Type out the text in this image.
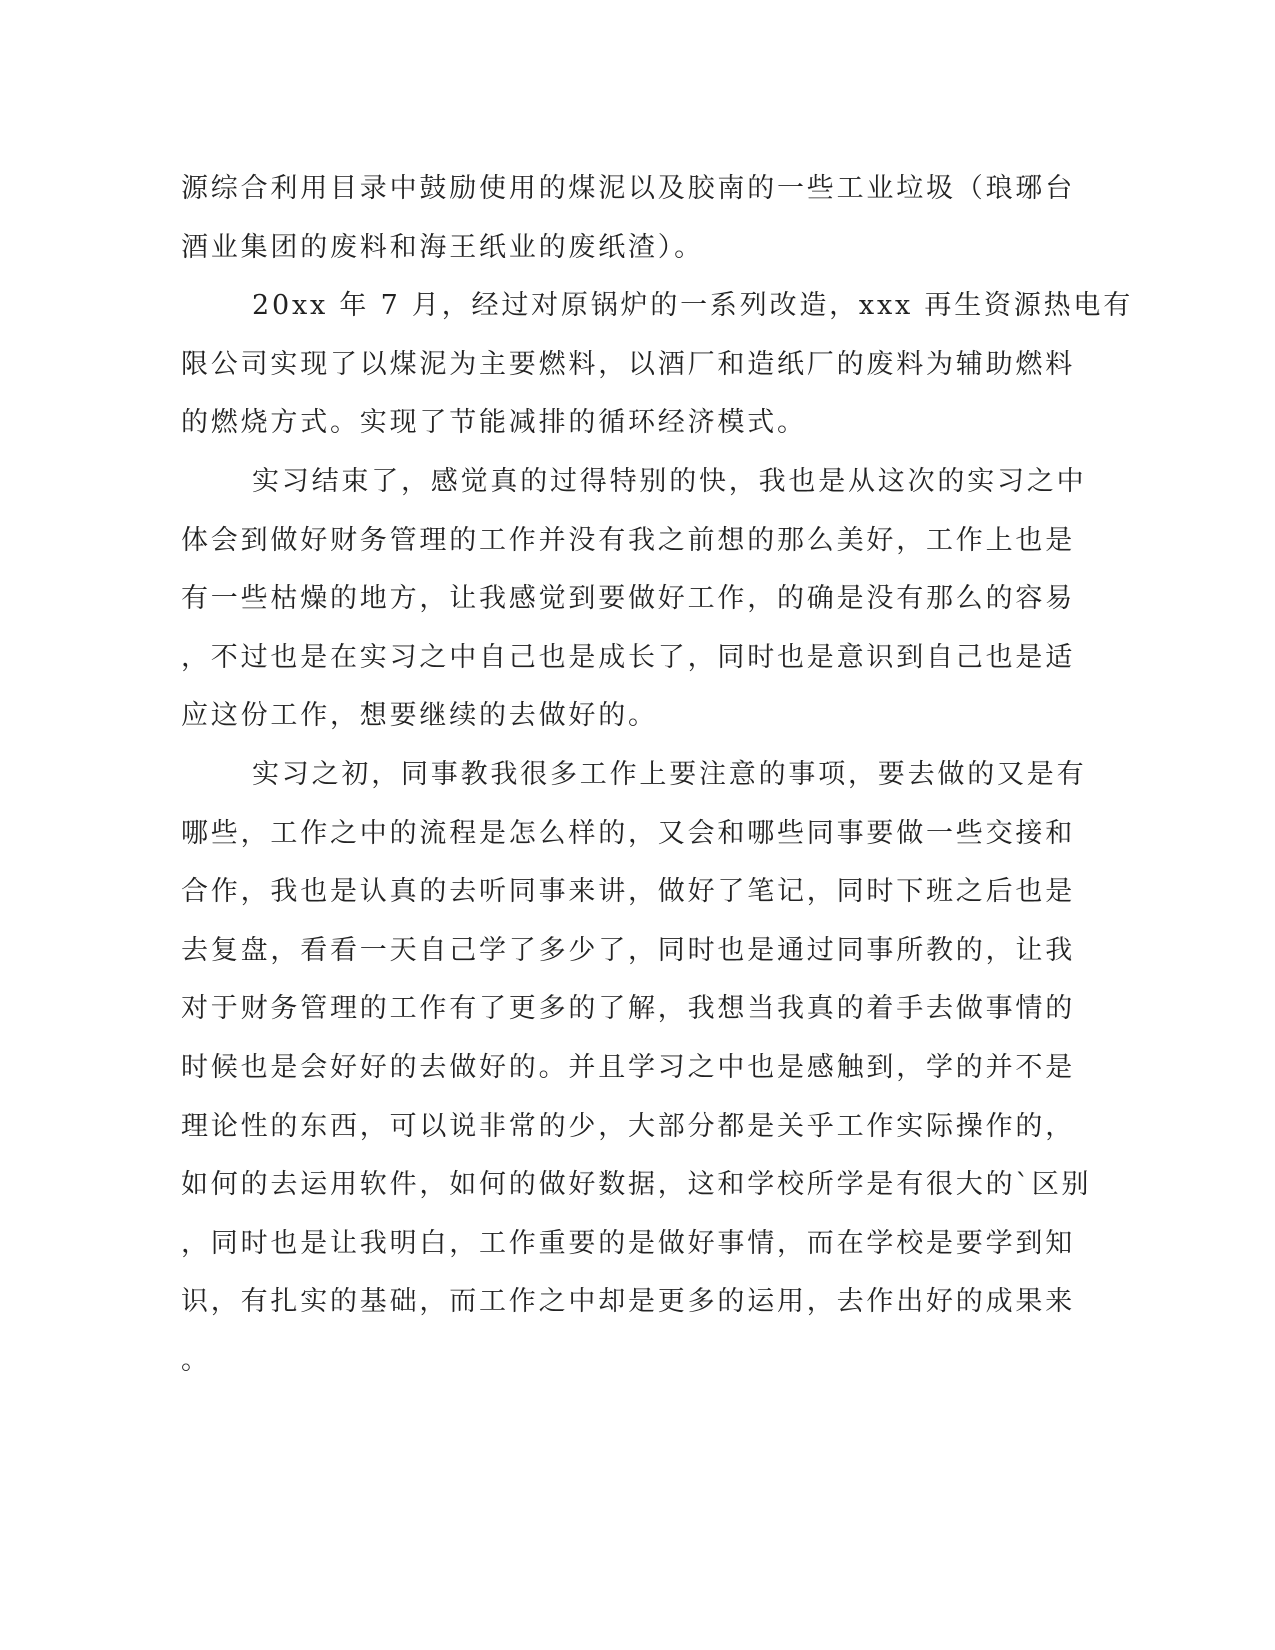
源综合利用目录中鼓励使用的煤泥以及胶南的一些工业垃圾（琅琊台
酒业集团的废料和海王纸业的废纸渣）。
20xx 年 7 月，经过对原锅炉的一系列改造，xxx 再生资源热电有
限公司实现了以煤泥为主要燃料，以酒厂和造纸厂的废料为辅助燃料
的燃烧方式。实现了节能减排的循环经济模式。
实习结束了，感觉真的过得特别的快，我也是从这次的实习之中
体会到做好财务管理的工作并没有我之前想的那么美好，工作上也是
有一些枯燥的地方，让我感觉到要做好工作，的确是没有那么的容易
，不过也是在实习之中自己也是成长了，同时也是意识到自己也是适
应这份工作，想要继续的去做好的。
实习之初，同事教我很多工作上要注意的事项，要去做的又是有
哪些，工作之中的流程是怎么样的，又会和哪些同事要做一些交接和
合作，我也是认真的去听同事来讲，做好了笔记，同时下班之后也是
去复盘，看看一天自己学了多少了，同时也是通过同事所教的，让我
对于财务管理的工作有了更多的了解，我想当我真的着手去做事情的
时候也是会好好的去做好的。并且学习之中也是感触到，学的并不是
理论性的东西，可以说非常的少，大部分都是关乎工作实际操作的，
如何的去运用软件，如何的做好数据，这和学校所学是有很大的`区别
，同时也是让我明白，工作重要的是做好事情，而在学校是要学到知
识，有扎实的基础，而工作之中却是更多的运用，去作出好的成果来
。
